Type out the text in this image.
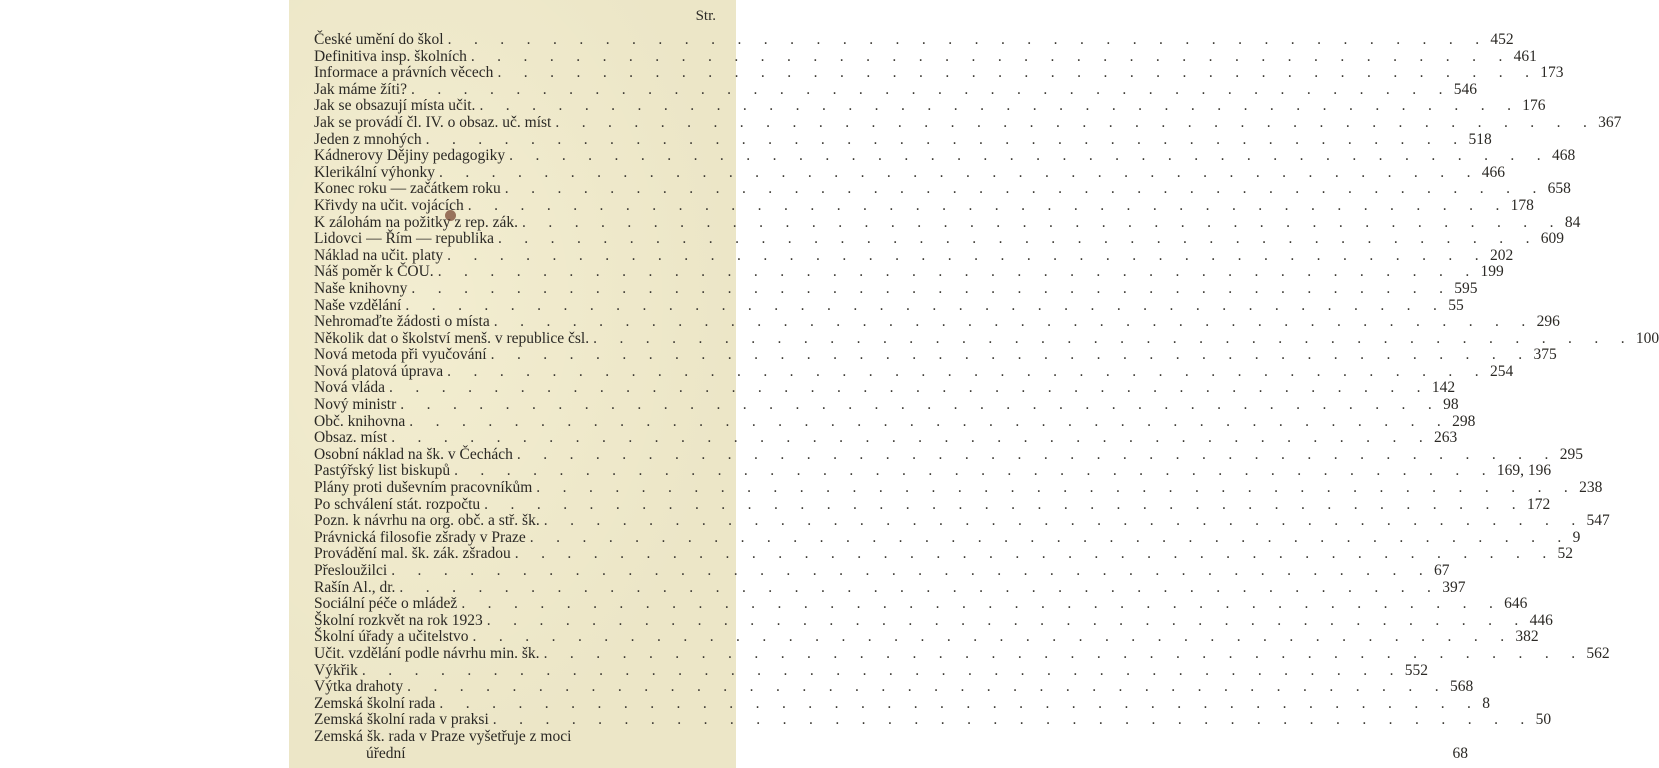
Str.
České umění do škol . . .	452
Definitiva insp. školních . . .	461
Informace a právních věcech . . .	173
Jak máme žíti? . . .	546
Jak se obsazují místa učit. . . .	176
Jak se provádí čl. IV. o obsaz. uč. míst . . .	367
Jeden z mnohých . . .	518
Kádnerovy Dějiny pedagogiky . . .	468
Klerikální výhonky . . .	466
Konec roku — začátkem roku . . .	658
Křivdy na učit. vojácích . . .	178
K zálohám na požitky z rep. zák. . . .	84
Lidovci — Řím — republika . . .	609
Náklad na učit. platy . . .	202
Náš poměr k ČOU. . . .	199
Naše knihovny . . .	595
Naše vzdělání . . .	55
Nehromaďte žádosti o místa . . .	296
Několik dat o školství menš. v republice čsl. . . .	100
Nová metoda při vyučování . . .	375
Nová platová úprava . . .	254
Nová vláda . . .	142
Nový ministr . . .	98
Obč. knihovna . . .	298
Obsaz. míst . . .	263
Osobní náklad na šk. v Čechách . . .	295
Pastýřský list biskupů . . .	169, 196
Plány proti duševním pracovníkům . . .	238
Po schválení stát. rozpočtu . . .	172
Pozn. k návrhu na org. obč. a stř. šk. . . .	547
Právnická filosofie zšrady v Praze . . .	9
Provádění mal. šk. zák. zšradou . . .	52
Přesloužilci . . .	67
Rašín Al., dr. . . .	397
Sociální péče o mládež . . .	646
Školní rozkvět na rok 1923 . . .	446
Školní úřady a učitelstvo . . .	382
Učit. vzdělání podle návrhu min. šk. . . .	562
Výkřik . . .	552
Výtka drahoty . . .	568
Zemská školní rada . . .	8
Zemská školní rada v praksi . . .	50
Zemská šk. rada v Praze vyšetřuje z moci
úřední	68
